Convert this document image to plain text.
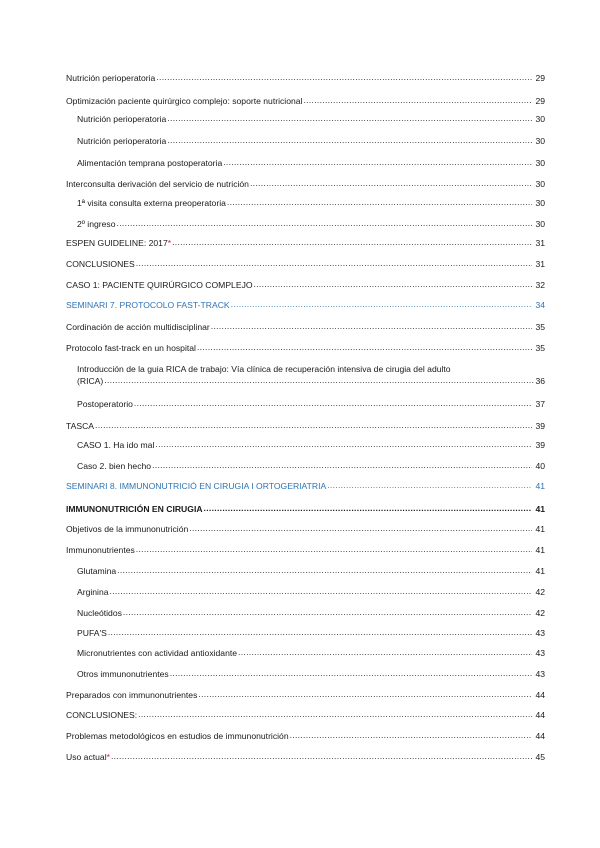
Nutrición perioperatoria .....	29
Optimización paciente quirúrgico complejo: soporte nutricional .....	29
Nutrición perioperatoria .....	30
Nutrición perioperatoria .....	30
Alimentación temprana postoperatoria .....	30
Interconsulta derivación del servicio de nutrición .....	30
1ª visita consulta externa preoperatoria .....	30
2º ingreso .....	30
ESPEN GUIDELINE: 2017* .....	31
CONCLUSIONES .....	31
CASO 1: PACIENTE QUIRÚRGICO COMPLEJO .....	32
SEMINARI 7. PROTOCOLO FAST-TRACK .....	34
Cordinación de acción multidisciplinar .....	35
Protocolo fast-track en un hospital .....	35
Introducción de la guia RICA de trabajo: Vía clínica de recuperación intensiva de cirugia del adulto
(RICA) .....	36
Postoperatorio .....	37
TASCA .....	39
CASO 1. Ha ido mal .....	39
Caso 2. bien hecho .....	40
SEMINARI 8. IMMUNONUTRICIÓ EN CIRUGIA I ORTOGERIATRIA .....	41
IMMUNONUTRICIÓN EN CIRUGIA .....	41
Objetivos de la immunonutrición .....	41
Immunonutrientes .....	41
Glutamina .....	41
Arginina .....	42
Nucleótidos .....	42
PUFA'S .....	43
Micronutrientes con actividad antioxidante .....	43
Otros immunonutrientes .....	43
Preparados con immunonutrientes .....	44
CONCLUSIONES: .....	44
Problemas metodológicos en estudios de immunonutrición .....	44
Uso actual* .....	45
